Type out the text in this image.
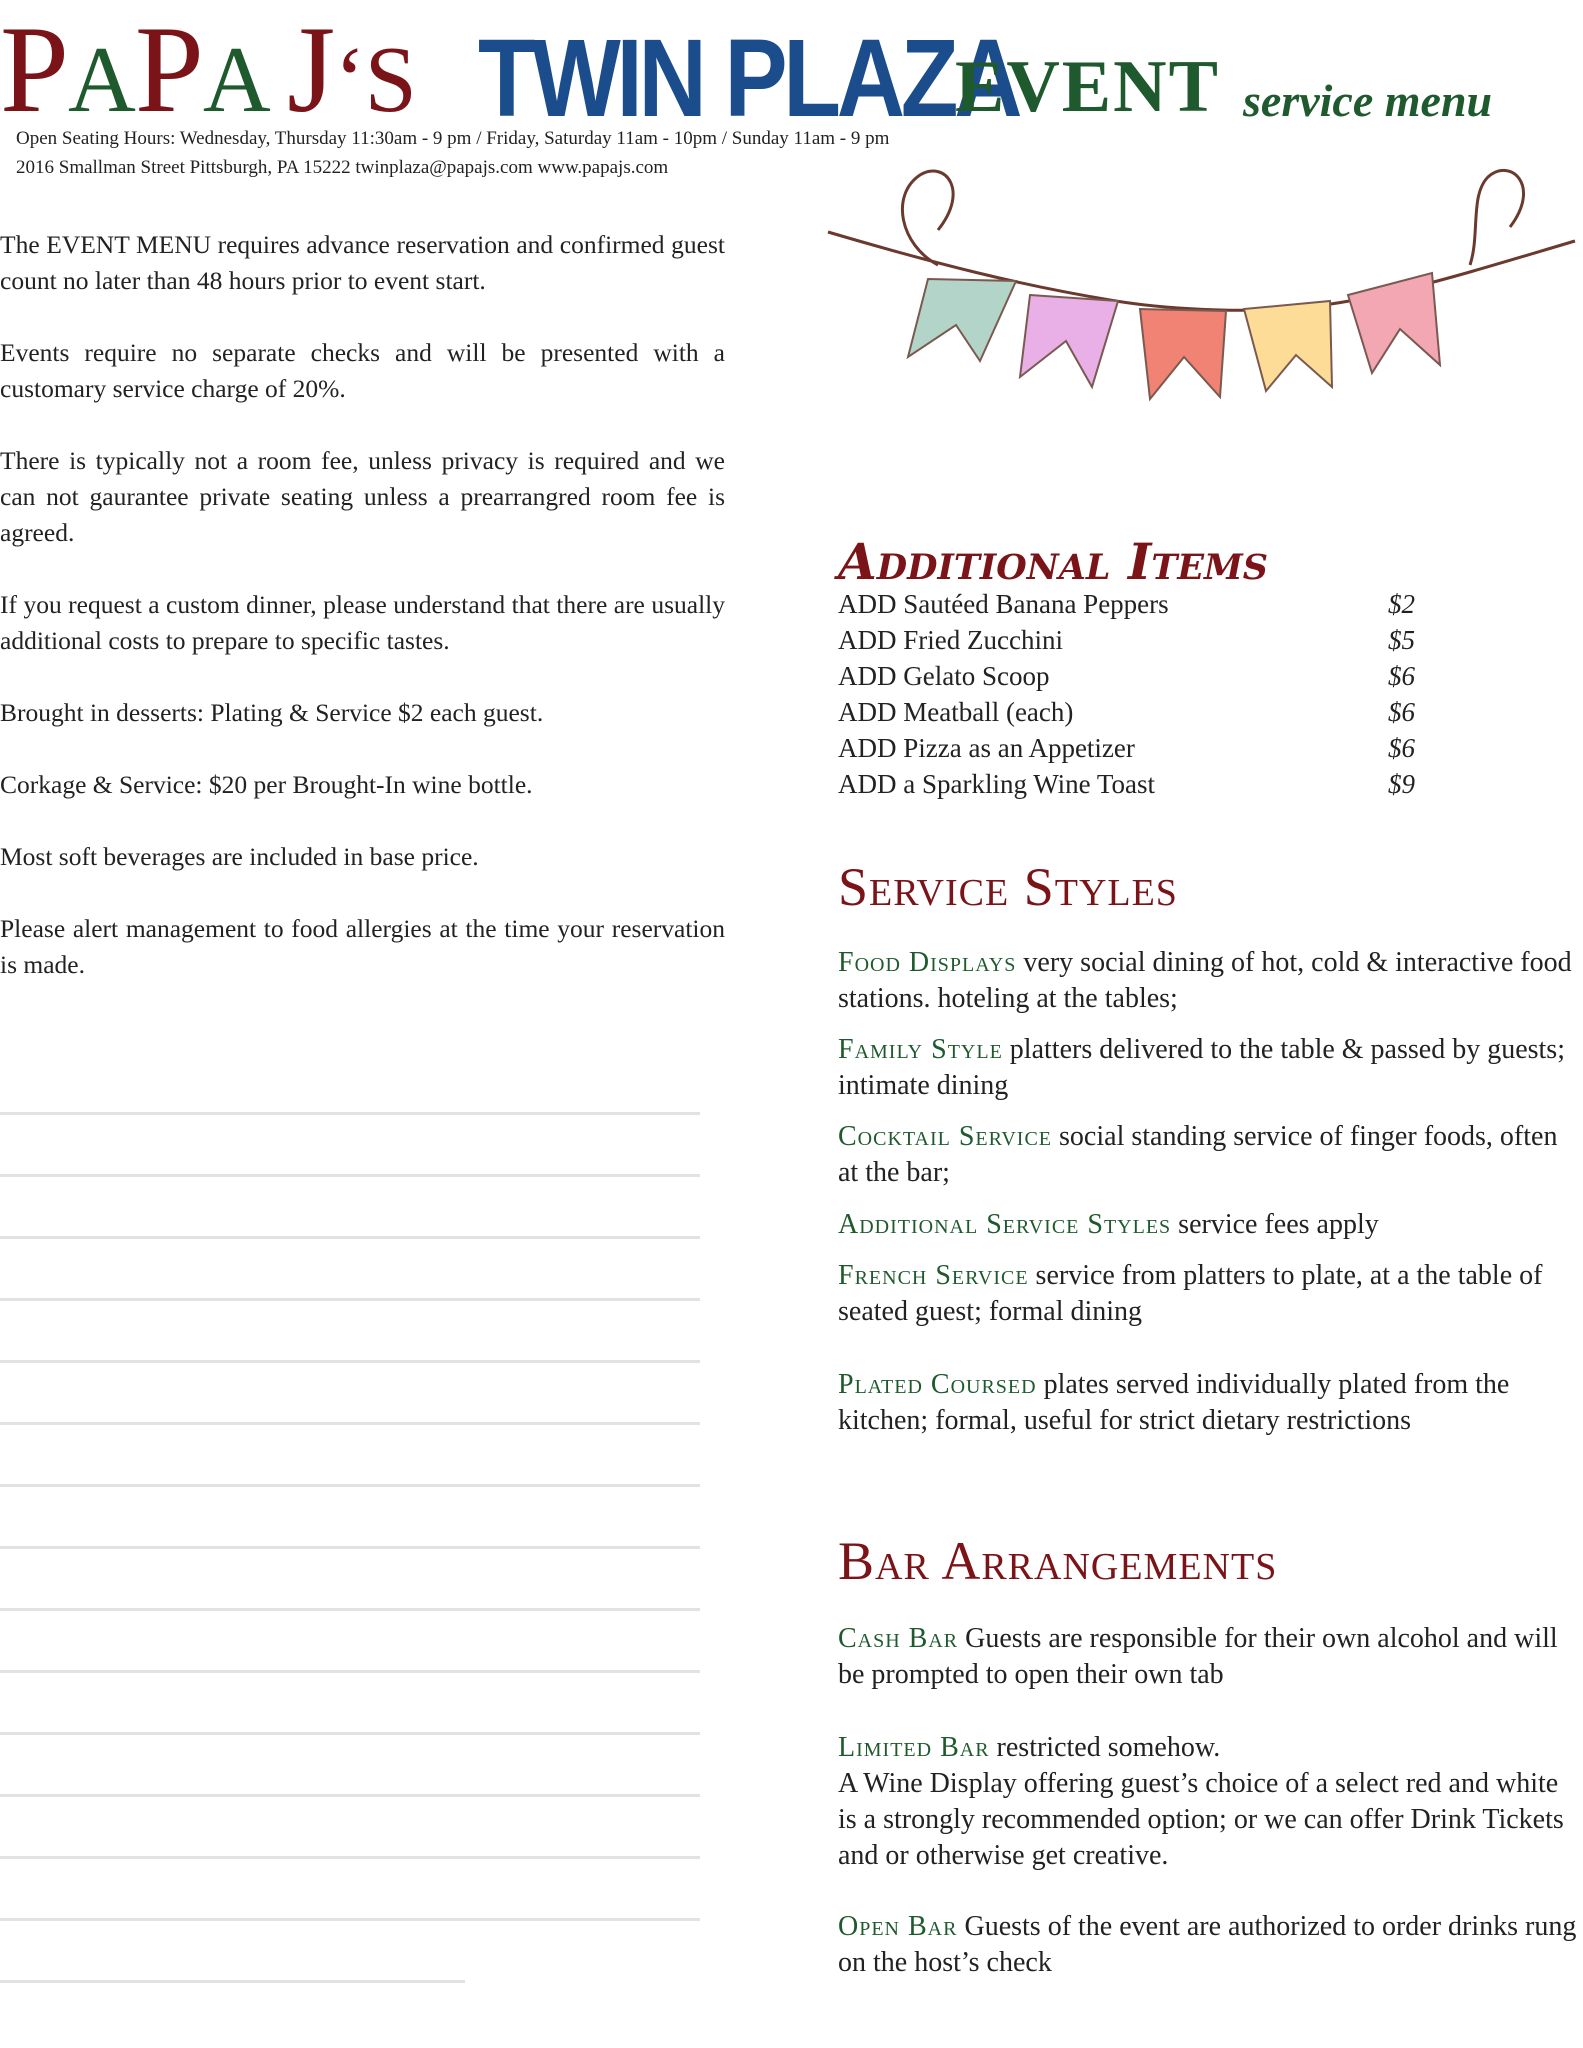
PAPA J‘S TWIN PLAZA
EVENT service menu
Open Seating Hours: Wednesday, Thursday 11:30am - 9 pm / Friday, Saturday 11am - 10pm / Sunday 11am - 9 pm
2016 Smallman Street Pittsburgh, PA 15222 twinplaza@papajs.com www.papajs.com

The EVENT MENU requires advance reservation and confirmed guest count no later than 48 hours prior to event start.

Events require no separate checks and will be presented with a customary service charge of 20%.

There is typically not a room fee, unless privacy is required and we can not gaurantee private seating unless a prearrangred room fee is agreed.

If you request a custom dinner, please understand that there are usually additional costs to prepare to specific tastes.

Brought in desserts: Plating & Service $2 each guest.

Corkage & Service: $20 per Brought-In wine bottle.

Most soft beverages are included in base price.

Please alert management to food allergies at the time your reservation is made.

Additional Items
ADD Sautéed Banana Peppers	$2
ADD Fried Zucchini	$5
ADD Gelato Scoop	$6
ADD Meatball (each)	$6
ADD Pizza as an Appetizer	$6
ADD a Sparkling Wine Toast	$9
Service Styles

Food Displays very social dining of hot, cold & interactive food stations. hoteling at the tables;

Family Style platters delivered to the table & passed by guests; intimate dining

Cocktail Service social standing service of finger foods, often at the bar;

Additional Service Styles service fees apply

French Service service from platters to plate, at a the table of seated guest; formal dining

Plated Coursed plates served individually plated from the kitchen; formal, useful for strict dietary restrictions

Bar Arrangements

Cash Bar Guests are responsible for their own alcohol and will be prompted to open their own tab

Limited Bar restricted somehow.
A Wine Display offering guest’s choice of a select red and white is a strongly recommended option; or we can offer Drink Tickets and or otherwise get creative.

Open Bar Guests of the event are authorized to order drinks rung on the host’s check
